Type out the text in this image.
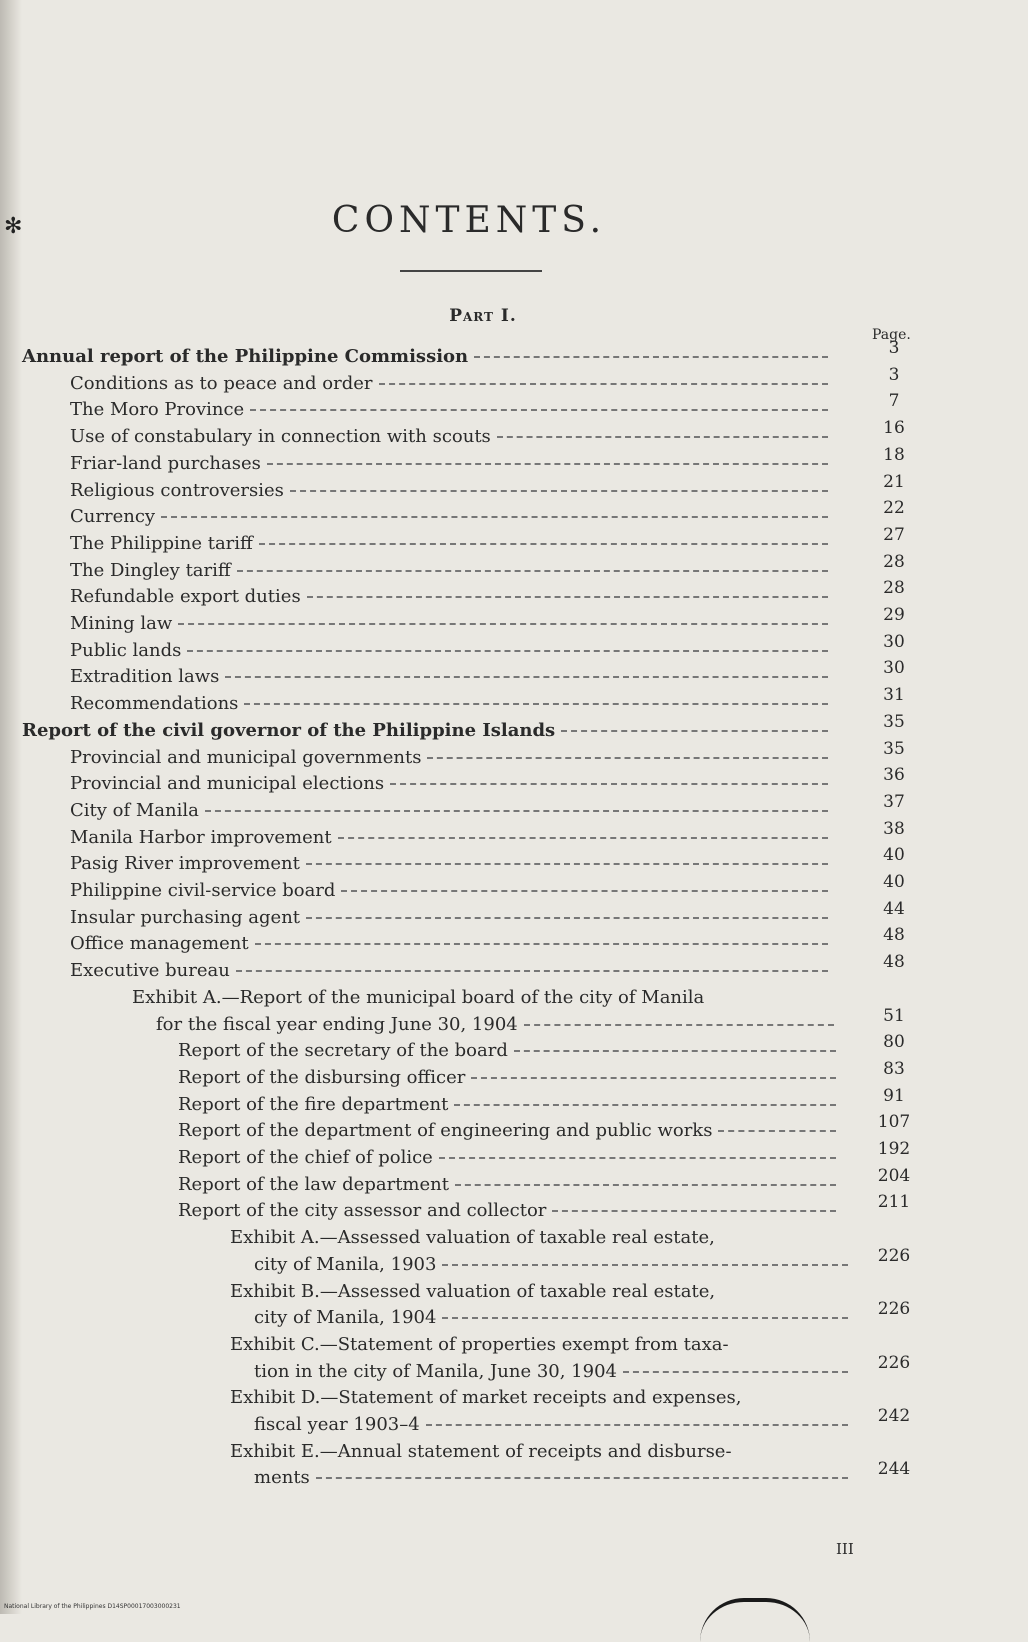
✻	CONTENTS.
Part I.
Page.
Annual report of the Philippine Commission	3
Conditions as to peace and order	3
The Moro Province	7
Use of constabulary in connection with scouts	16
Friar-land purchases	18
Religious controversies	21
Currency	22
The Philippine tariff	27
The Dingley tariff	28
Refundable export duties	28
Mining law	29
Public lands	30
Extradition laws	30
Recommendations	31
Report of the civil governor of the Philippine Islands	35
Provincial and municipal governments	35
Provincial and municipal elections	36
City of Manila	37
Manila Harbor improvement	38
Pasig River improvement	40
Philippine civil-service board	40
Insular purchasing agent	44
Office management	48
Executive bureau	48
Exhibit A.—Report of the municipal board of the city of Manila
for the fiscal year ending June 30, 1904	51
Report of the secretary of the board	80
Report of the disbursing officer	83
Report of the fire department	91
Report of the department of engineering and public works	107
Report of the chief of police	192
Report of the law department	204
Report of the city assessor and collector	211
Exhibit A.—Assessed valuation of taxable real estate,
city of Manila, 1903	226
Exhibit B.—Assessed valuation of taxable real estate,
city of Manila, 1904	226
Exhibit C.—Statement of properties exempt from taxa-
tion in the city of Manila, June 30, 1904	226
Exhibit D.—Statement of market receipts and expenses,
fiscal year 1903–4	242
Exhibit E.—Annual statement of receipts and disburse-
ments	244
III
National Library of the Philippines D14SP00017003000231
